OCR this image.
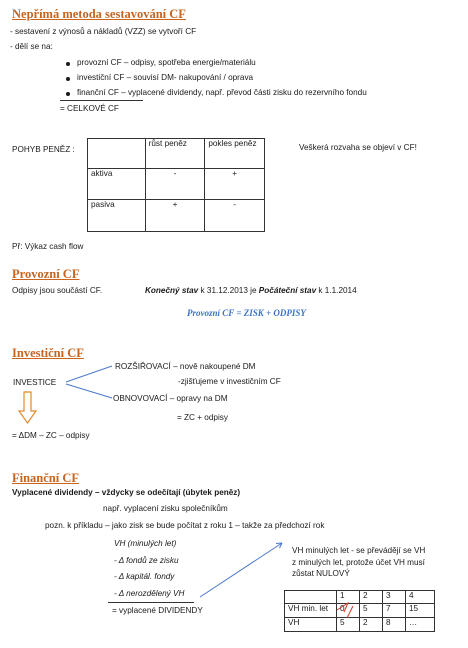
Nepřímá metoda sestavování CF
- sestavení z výnosů a nákladů (VZZ) se vytvoří CF
- dělí se na:
provozní CF – odpisy, spotřeba energie/materiálu
investiční CF – souvisí DM- nakupování / oprava
finanční CF – vyplacené dividendy, např. převod části zisku do rezervního fondu
= CELKOVÉ CF
POHYB PENĚZ :
	růst peněz	pokles peněz
aktiva	-	+
pasiva	+	-
Veškerá rozvaha se objeví v CF!
Př: Výkaz cash flow
Provozní CF
Odpisy jsou součástí CF.	Konečný stav k 31.12.2013 je Počáteční stav k 1.1.2014
Provozní CF = ZISK + ODPISY
Investiční CF
ROZŠIŘOVACÍ – nově nakoupené DM
-zjišťujeme v investičním CF
INVESTICE
OBNOVOVACÍ – opravy na DM
= ZC + odpisy
= ΔDM – ZC – odpisy
Finanční CF
Vyplacené dividendy – vždycky se odečítají (úbytek peněz)
např. vyplacení zisku společníkům
pozn. k příkladu – jako zisk se bude počítat z roku 1 – takže za předchozí rok
VH (minulých let)
- Δ fondů ze zisku
- Δ kapitál. fondy
- Δ nerozdělený VH
= vyplacené DIVIDENDY
VH minulých let - se převádějí se VH
z minulých let, protože účet VH musí
zůstat NULOVÝ
	1	2	3	4
VH min. let	0	5	7	15
VH	5	2	8	…
